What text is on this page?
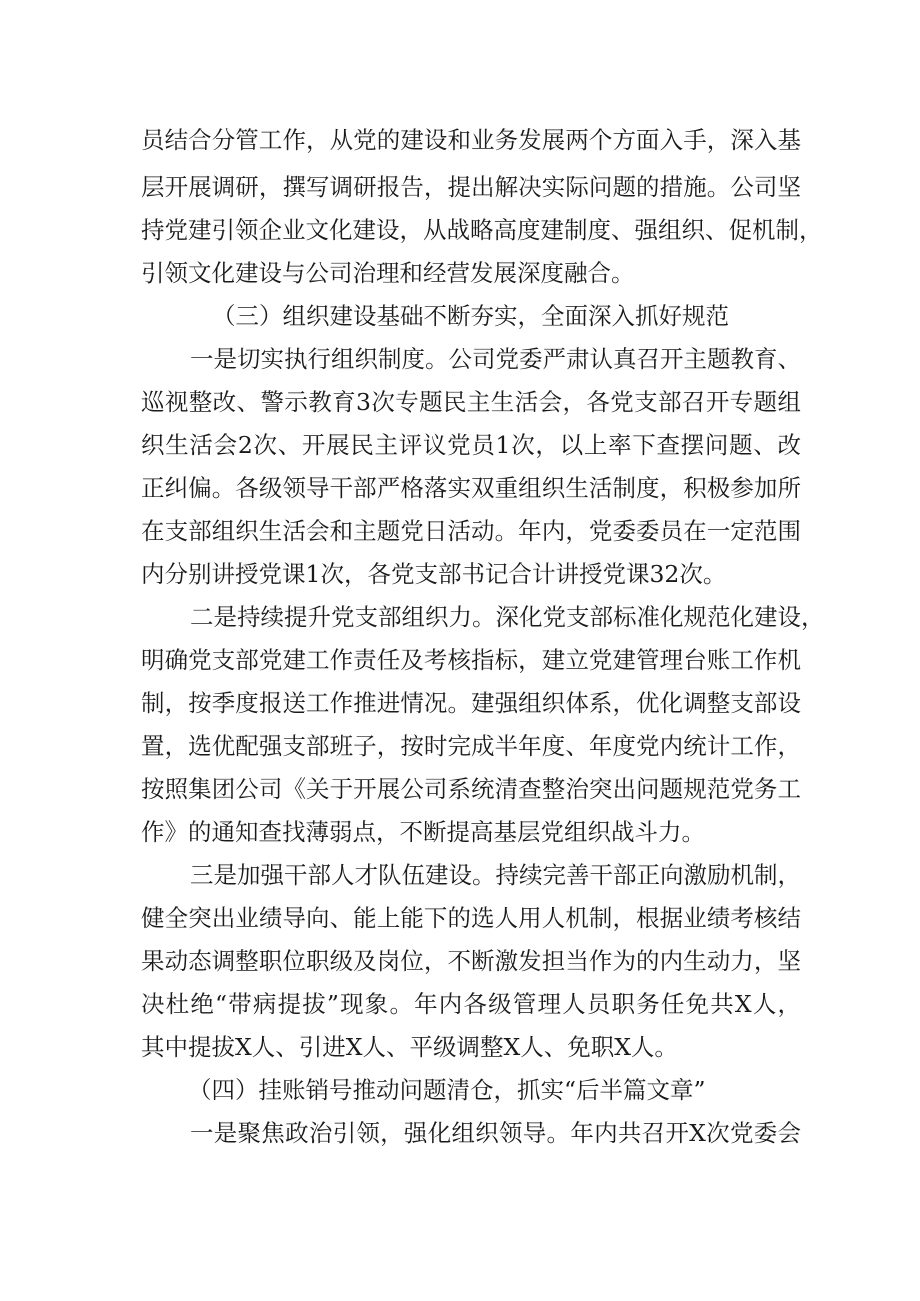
员结合分管工作，从党的建设和业务发展两个方面入手，深入基
层开展调研，撰写调研报告，提出解决实际问题的措施。公司坚
持党建引领企业文化建设，从战略高度建制度、强组织、促机制，
引领文化建设与公司治理和经营发展深度融合。
（三）组织建设基础不断夯实，全面深入抓好规范
一是切实执行组织制度。公司党委严肃认真召开主题教育、
巡视整改、警示教育3次专题民主生活会，各党支部召开专题组
织生活会2次、开展民主评议党员1次，以上率下查摆问题、改
正纠偏。各级领导干部严格落实双重组织生活制度，积极参加所
在支部组织生活会和主题党日活动。年内，党委委员在一定范围
内分别讲授党课1次，各党支部书记合计讲授党课32次。
二是持续提升党支部组织力。深化党支部标准化规范化建设，
明确党支部党建工作责任及考核指标，建立党建管理台账工作机
制，按季度报送工作推进情况。建强组织体系，优化调整支部设
置，选优配强支部班子，按时完成半年度、年度党内统计工作，
按照集团公司《关于开展公司系统清查整治突出问题规范党务工
作》的通知查找薄弱点，不断提高基层党组织战斗力。
三是加强干部人才队伍建设。持续完善干部正向激励机制，
健全突出业绩导向、能上能下的选人用人机制，根据业绩考核结
果动态调整职位职级及岗位，不断激发担当作为的内生动力，坚
决杜绝“带病提拔”现象。年内各级管理人员职务任免共X人，
其中提拔X人、引进X人、平级调整X人、免职X人。
（四）挂账销号推动问题清仓，抓实“后半篇文章”
一是聚焦政治引领，强化组织领导。年内共召开X次党委会
